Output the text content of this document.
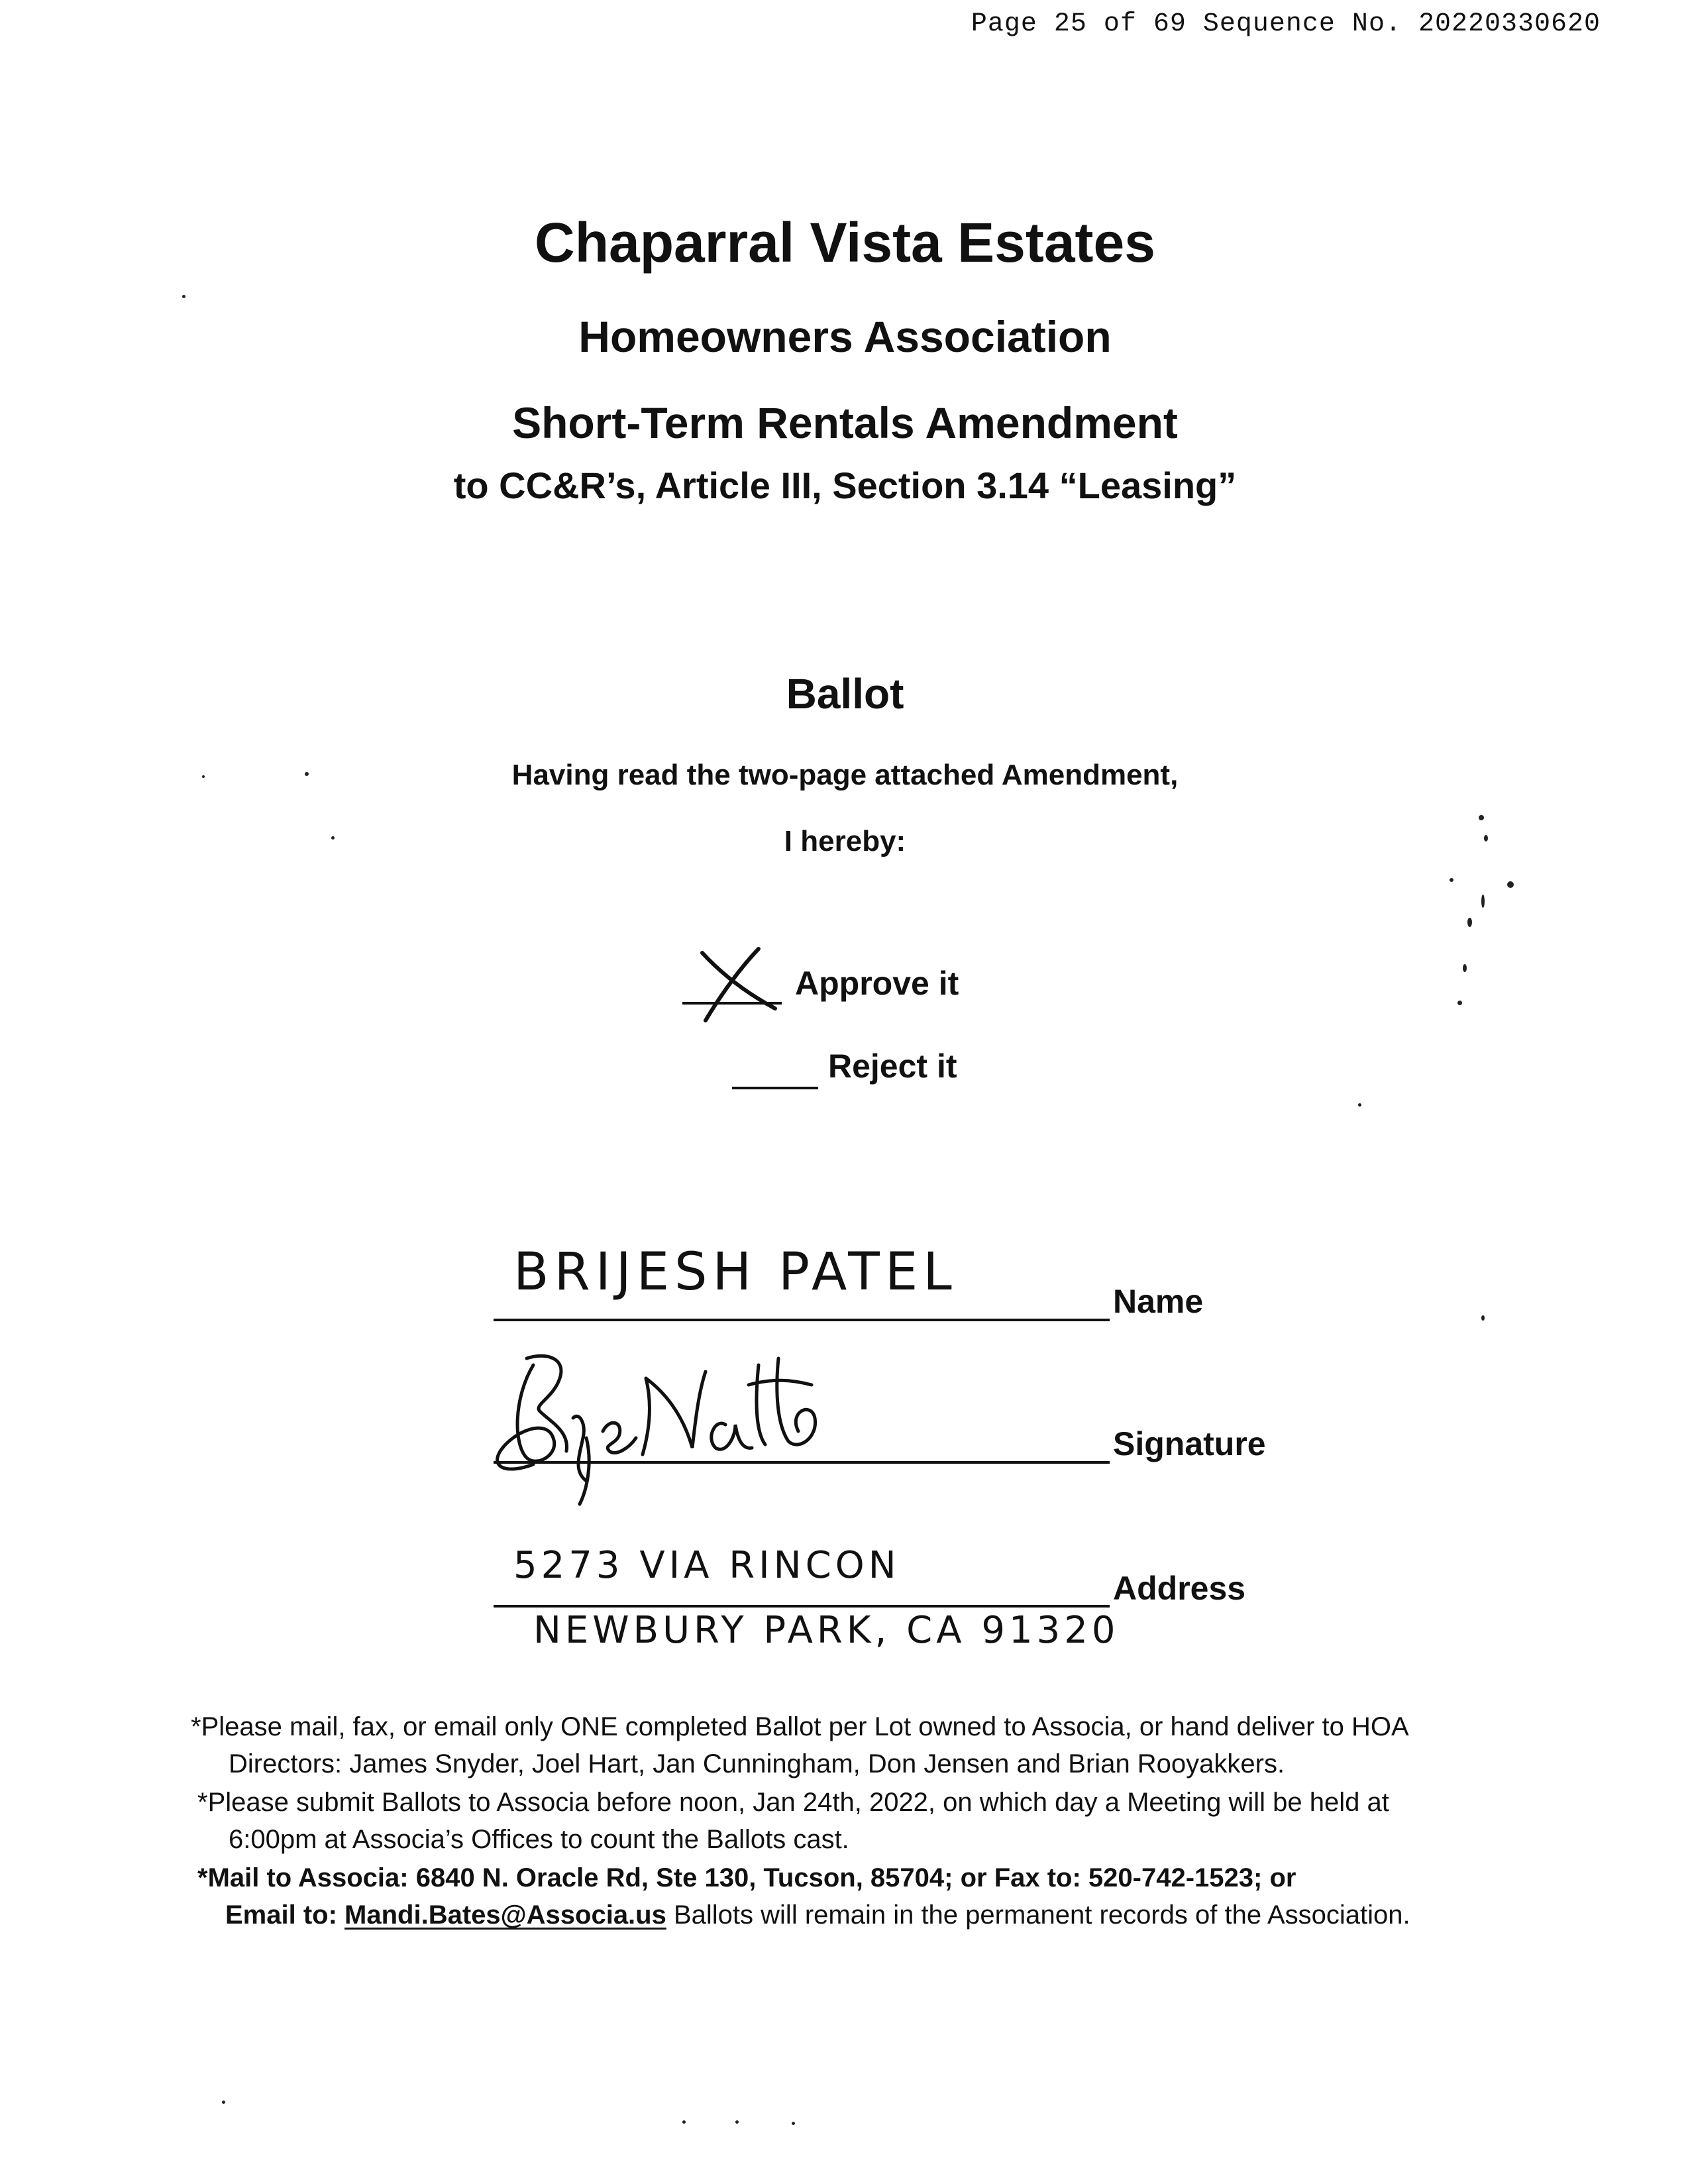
Page 25 of 69 Sequence No. 20220330620
Chaparral Vista Estates
Homeowners Association
Short-Term Rentals Amendment
to CC&R’s, Article III, Section 3.14 “Leasing”
Ballot
Having read the two-page attached Amendment,
I hereby:
Approve it
Reject it
BRIJESH PATEL	Name
Signature
5273 VIA RINCON
Address
NEWBURY PARK, CA 91320
*Please mail, fax, or email only ONE completed Ballot per Lot owned to Associa, or hand deliver to HOA
Directors: James Snyder, Joel Hart, Jan Cunningham, Don Jensen and Brian Rooyakkers.
*Please submit Ballots to Associa before noon, Jan 24th, 2022, on which day a Meeting will be held at
6:00pm at Associa’s Offices to count the Ballots cast.
*Mail to Associa: 6840 N. Oracle Rd, Ste 130, Tucson, 85704; or Fax to: 520-742-1523; or
Email to: Mandi.Bates@Associa.us Ballots will remain in the permanent records of the Association.
